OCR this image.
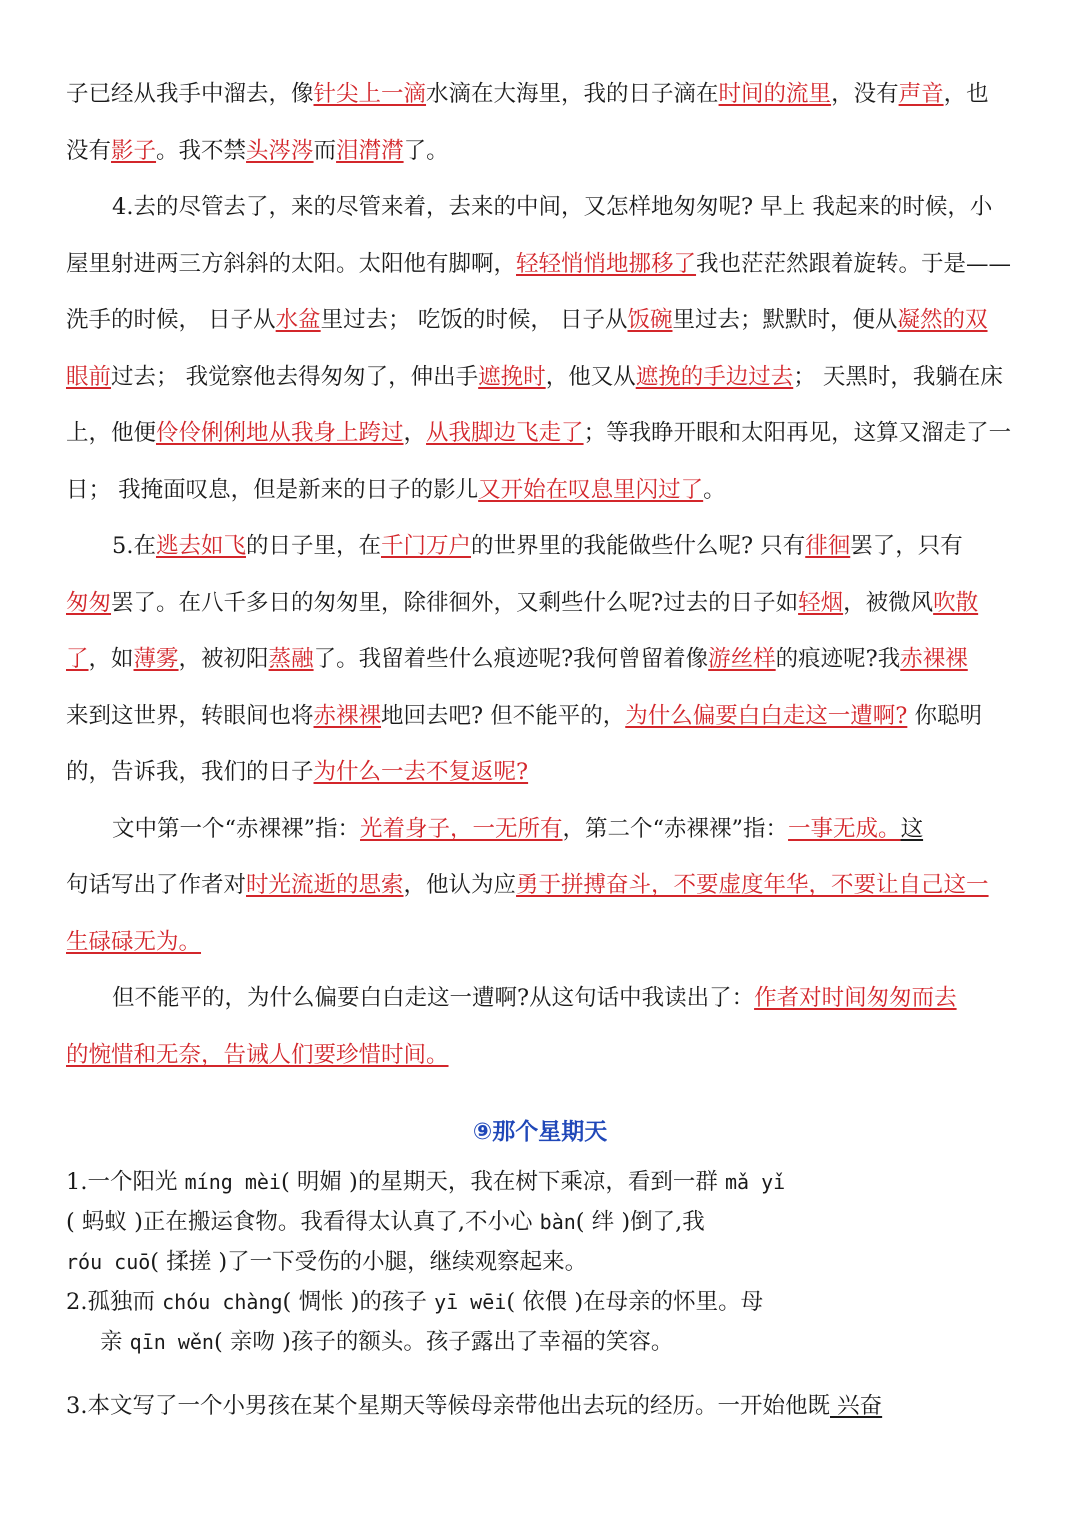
子已经从我手中溜去，像针尖上一滴水滴在大海里，我的日子滴在时间的流里，没有声音，也
没有影子。我不禁头涔涔而泪潸潸了。
4.去的尽管去了，来的尽管来着，去来的中间，又怎样地匆匆呢? 早上 我起来的时候，小
屋里射进两三方斜斜的太阳。太阳他有脚啊，轻轻悄悄地挪移了我也茫茫然跟着旋转。于是——
洗手的时候， 日子从水盆里过去； 吃饭的时候， 日子从饭碗里过去；默默时，便从凝然的双
眼前过去； 我觉察他去得匆匆了，伸出手遮挽时，他又从遮挽的手边过去； 天黑时，我躺在床
上，他便伶伶俐俐地从我身上跨过，从我脚边飞走了；等我睁开眼和太阳再见，这算又溜走了一
日； 我掩面叹息，但是新来的日子的影儿又开始在叹息里闪过了。
5.在逃去如飞的日子里，在千门万户的世界里的我能做些什么呢? 只有徘徊罢了，只有
匆匆罢了。在八千多日的匆匆里，除徘徊外，又剩些什么呢?过去的日子如轻烟，被微风吹散
了，如薄雾，被初阳蒸融了。我留着些什么痕迹呢?我何曾留着像游丝样的痕迹呢?我赤裸裸
来到这世界，转眼间也将赤裸裸地回去吧? 但不能平的，为什么偏要白白走这一遭啊? 你聪明
的，告诉我，我们的日子为什么一去不复返呢?
文中第一个“赤裸裸”指：光着身子，一无所有，第二个“赤裸裸”指：一事无成。这
句话写出了作者对时光流逝的思索，他认为应勇于拼搏奋斗，不要虚度年华，不要让自己这一
生碌碌无为。
但不能平的，为什么偏要白白走这一遭啊?从这句话中我读出了：作者对时间匆匆而去
的惋惜和无奈，告诫人们要珍惜时间。
⑨那个星期天
1.一个阳光 míng mèi( 明媚 )的星期天，我在树下乘凉，看到一群 mǎ yǐ
( 蚂蚁 )正在搬运食物。我看得太认真了,不小心 bàn( 绊 )倒了,我
róu cuō( 揉搓 )了一下受伤的小腿，继续观察起来。
2.孤独而 chóu chàng( 惆怅 )的孩子 yī wēi( 依偎 )在母亲的怀里。母
亲 qīn wěn( 亲吻 )孩子的额头。孩子露出了幸福的笑容。
3.本文写了一个小男孩在某个星期天等候母亲带他出去玩的经历。一开始他既 兴奋
